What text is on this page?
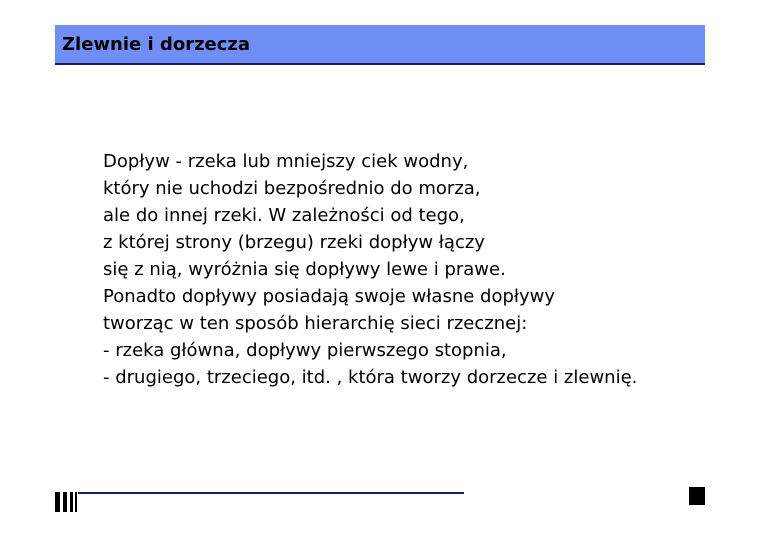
Zlewnie i dorzecza
Dopływ - rzeka lub mniejszy ciek wodny,
który nie uchodzi bezpośrednio do morza,
ale do innej rzeki. W zależności od tego,
z której strony (brzegu) rzeki dopływ łączy
się z nią, wyróżnia się dopływy lewe i prawe.
Ponadto dopływy posiadają swoje własne dopływy
tworząc w ten sposób hierarchię sieci rzecznej:
- rzeka główna, dopływy pierwszego stopnia,
- drugiego, trzeciego, itd. , która tworzy dorzecze i zlewnię.
